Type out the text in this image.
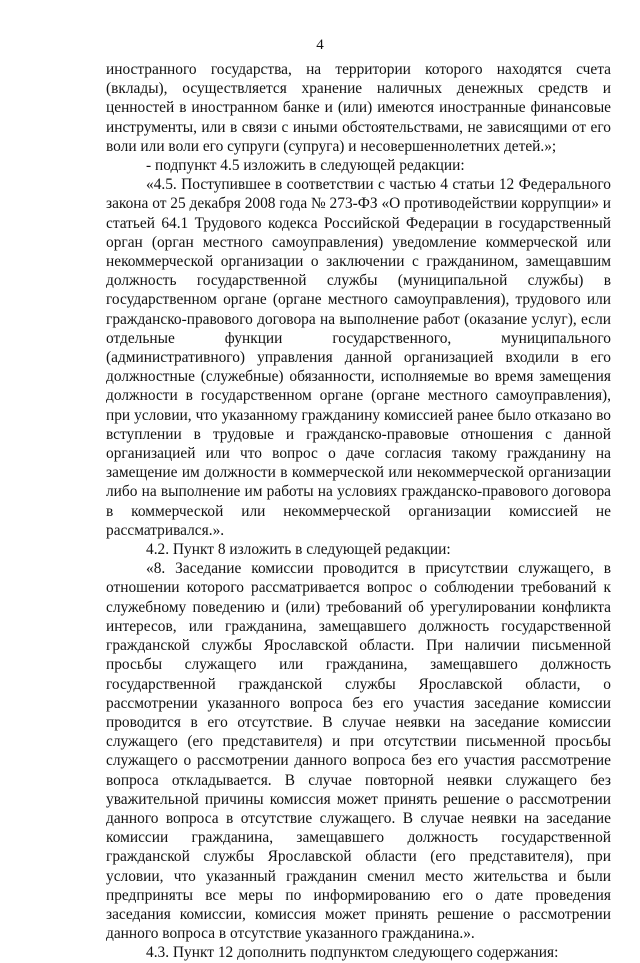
4

иностранного государства, на территории которого находятся счета (вклады), осуществляется хранение наличных денежных средств и ценностей в иностранном банке и (или) имеются иностранные финансовые инструменты, или в связи с иными обстоятельствами, не зависящими от его воли или воли его супруги (супруга) и несовершеннолетних детей.»;

- подпункт 4.5 изложить в следующей редакции:

«4.5. Поступившее в соответствии с частью 4 статьи 12 Федерального закона от 25 декабря 2008 года № 273-ФЗ «О противодействии коррупции» и статьей 64.1 Трудового кодекса Российской Федерации в государственный орган (орган местного самоуправления) уведомление коммерческой или некоммерческой организации о заключении с гражданином, замещавшим должность государственной службы (муниципальной службы) в государственном органе (органе местного самоуправления), трудового или гражданско-правового договора на выполнение работ (оказание услуг), если отдельные функции государственного, муниципального (административного) управления данной организацией входили в его должностные (служебные) обязанности, исполняемые во время замещения должности в государственном органе (органе местного самоуправления), при условии, что указанному гражданину комиссией ранее было отказано во вступлении в трудовые и гражданско-правовые отношения с данной организацией или что вопрос о даче согласия такому гражданину на замещение им должности в коммерческой или некоммерческой организации либо на выполнение им работы на условиях гражданско-правового договора в коммерческой или некоммерческой организации комиссией не рассматривался.».

4.2. Пункт 8 изложить в следующей редакции:

«8. Заседание комиссии проводится в присутствии служащего, в отношении которого рассматривается вопрос о соблюдении требований к служебному поведению и (или) требований об урегулировании конфликта интересов, или гражданина, замещавшего должность государственной гражданской службы Ярославской области. При наличии письменной просьбы служащего или гражданина, замещавшего должность государственной гражданской службы Ярославской области, о рассмотрении указанного вопроса без его участия заседание комиссии проводится в его отсутствие. В случае неявки на заседание комиссии служащего (его представителя) и при отсутствии письменной просьбы служащего о рассмотрении данного вопроса без его участия рассмотрение вопроса откладывается. В случае повторной неявки служащего без уважительной причины комиссия может принять решение о рассмотрении данного вопроса в отсутствие служащего. В случае неявки на заседание комиссии гражданина, замещавшего должность государственной гражданской службы Ярославской области (его представителя), при условии, что указанный гражданин сменил место жительства и были предприняты все меры по информированию его о дате проведения заседания комиссии, комиссия может принять решение о рассмотрении данного вопроса в отсутствие указанного гражданина.».

4.3. Пункт 12 дополнить подпунктом следующего содержания:
